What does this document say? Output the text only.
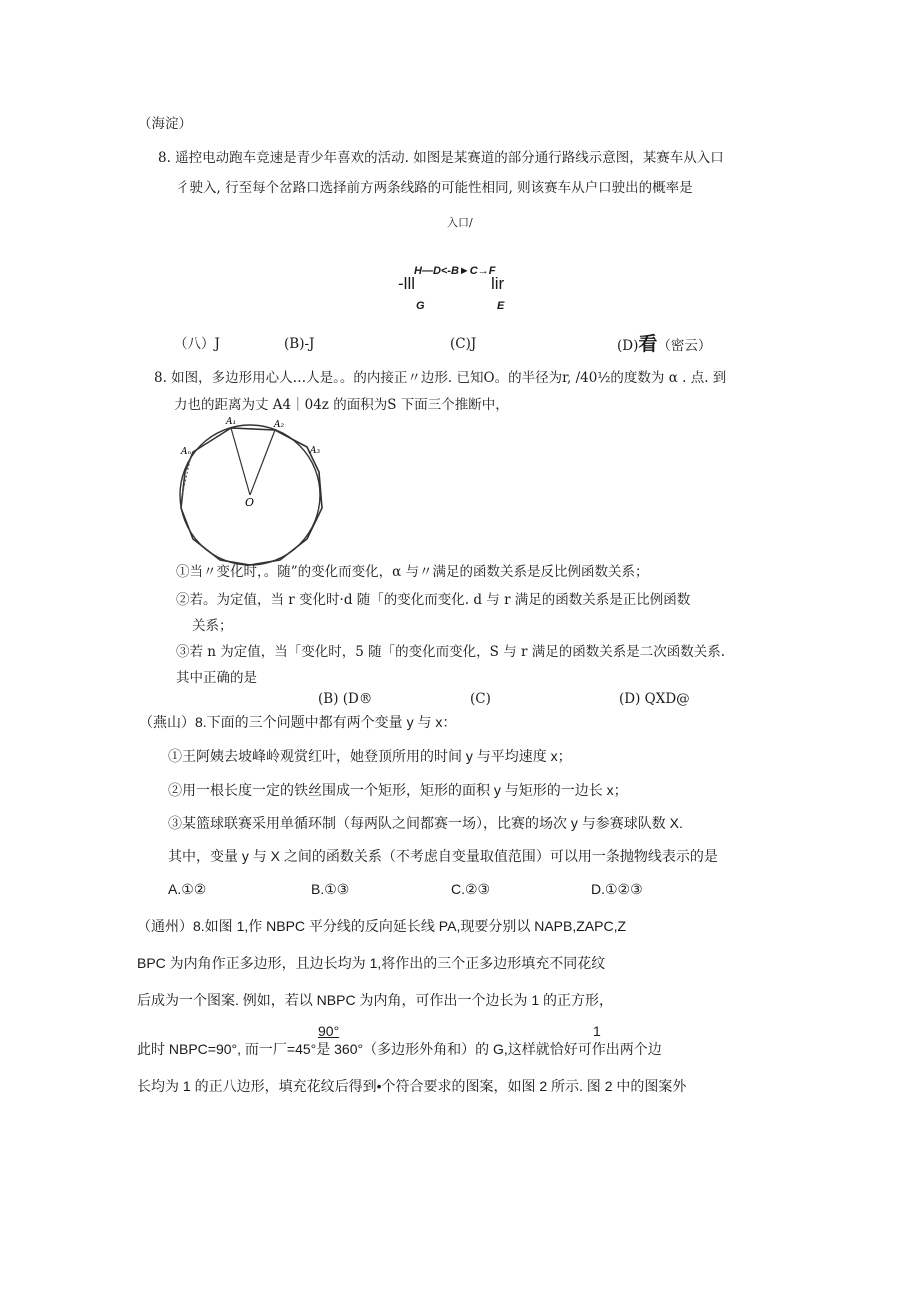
（海淀）
8. 遥控电动跑车竞速是青少年喜欢的活动. 如图是某赛道的部分通行路线示意图，某赛车从入口
彳驶入, 行至每个岔路口选择前方两条线路的可能性相同, 则该赛车从户口驶出的概率是
入口/
H—D<-B►C→F
-lll	lir
G	E
（八）J	(B)-J	(C)J	(D)看（密云）
8. 如图，多边形用心人…人是。。的内接正〃边形. 已知O。的半径为r, /40½的度数为 α . 点. 到
力也的距离为丈 A4｜04z 的面积为S 下面三个推断中，
A₁	A₂
A₃
Aₙ
O
①当〃变化时，。随”的变化而变化，α 与〃满足的函数关系是反比例函数关系；
②若。为定值，当 r 变化时·d 随「的变化而变化. d 与 r 满足的函数关系是正比例函数
关系；
③若 n 为定值，当「变化时，5 随「的变化而变化，S 与 r 满足的函数关系是二次函数关系.
其中正确的是
(B) (D®	(C)	(D) QXD@
（燕山）8.下面的三个问题中都有两个变量 y 与 x：
①王阿姨去坡峰岭观赏红叶，她登顶所用的时间 y 与平均速度 x；
②用一根长度一定的铁丝围成一个矩形，矩形的面积 y 与矩形的一边长 x；
③某篮球联赛采用单循环制（每两队之间都赛一场），比赛的场次 y 与参赛球队数 X.
其中，变量 y 与 X 之间的函数关系（不考虑自变量取值范围）可以用一条抛物线表示的是
A.①②	B.①③	C.②③	D.①②③
（通州）8.如图 1,作 NBPC 平分线的反向延长线 PA,现要分别以 NAPB,ZAPC,Z
BPC 为内角作正多边形，且边长均为 1,将作出的三个正多边形填充不同花纹
后成为一个图案. 例如，若以 NBPC 为内角，可作出一个边长为 1 的正方形，
90°	1
此时 NBPC=90°, 而一厂=45°是 360°（多边形外角和）的 G,这样就恰好可作出两个边
长均为 1 的正八边形，填充花纹后得到•个符合要求的图案，如图 2 所示. 图 2 中的图案外
